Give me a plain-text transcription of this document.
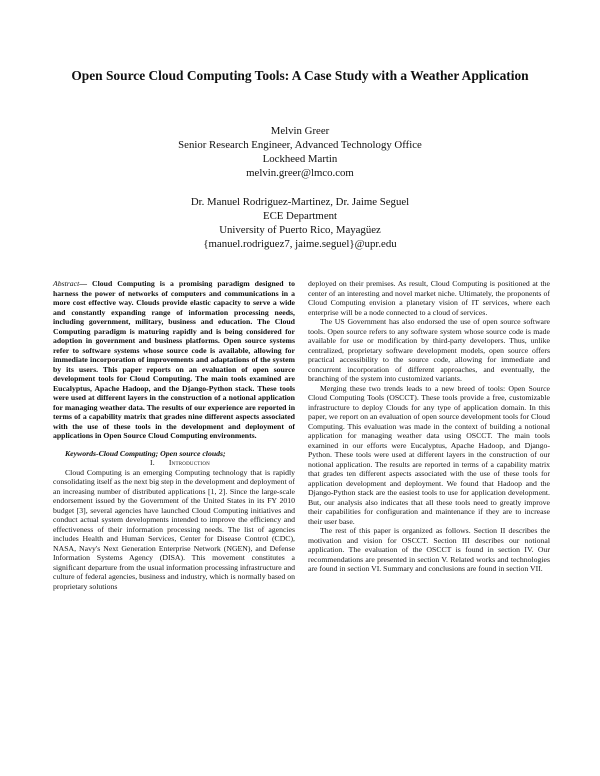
Open Source Cloud Computing Tools: A Case Study with a Weather Application
Melvin Greer
Senior Research Engineer, Advanced Technology Office
Lockheed Martin
melvin.greer@lmco.com
Dr. Manuel Rodriguez-Martinez, Dr. Jaime Seguel
ECE Department
University of Puerto Rico, Mayagüez
{manuel.rodriguez7, jaime.seguel}@upr.edu

Abstract— Cloud Computing is a promising paradigm designed to harness the power of networks of computers and communications in a more cost effective way. Clouds provide elastic capacity to serve a wide and constantly expanding range of information processing needs, including government, military, business and education. The Cloud Computing paradigm is maturing rapidly and is being considered for adoption in government and business platforms. Open source systems refer to software systems whose source code is available, allowing for immediate incorporation of improvements and adaptations of the system by its users. This paper reports on an evaluation of open source development tools for Cloud Computing. The main tools examined are Eucalyptus, Apache Hadoop, and the Django-Python stack. These tools were used at different layers in the construction of a notional application for managing weather data. The results of our experience are reported in terms of a capability matrix that grades nine different aspects associated with the use of these tools in the development and deployment of applications in Open Source Cloud Computing environments.

Keywords-Cloud Computing; Open source clouds;

I. Introduction

Cloud Computing is an emerging Computing technology that is rapidly consolidating itself as the next big step in the development and deployment of an increasing number of distributed applications [1, 2]. Since the large-scale endorsement issued by the Government of the United States in its FY 2010 budget [3], several agencies have launched Cloud Computing initiatives and conduct actual system developments intended to improve the efficiency and effectiveness of their information processing needs. The list of agencies includes Health and Human Services, Center for Disease Control (CDC), NASA, Navy's Next Generation Enterprise Network (NGEN), and Defense Information Systems Agency (DISA). This movement constitutes a significant departure from the usual information processing infrastructure and culture of federal agencies, business and industry, which is normally based on proprietary solutions

deployed on their premises. As result, Cloud Computing is positioned at the center of an interesting and novel market niche. Ultimately, the proponents of Cloud Computing envision a planetary vision of IT services, where each enterprise will be a node connected to a cloud of services.

The US Government has also endorsed the use of open source software tools. Open source refers to any software system whose source code is made available for use or modification by third-party developers. Thus, unlike centralized, proprietary software development models, open source offers practical accessibility to the source code, allowing for immediate and concurrent incorporation of different approaches, and eventually, the branching of the system into customized variants.

Merging these two trends leads to a new breed of tools: Open Source Cloud Computing Tools (OSCCT). These tools provide a free, customizable infrastructure to deploy Clouds for any type of application domain. In this paper, we report on an evaluation of open source development tools for Cloud Computing. This evaluation was made in the context of building a notional application for managing weather data using OSCCT. The main tools examined in our efforts were Eucalyptus, Apache Hadoop, and Django-Python. These tools were used at different layers in the construction of our notional application. The results are reported in terms of a capability matrix that grades ten different aspects associated with the use of these tools for application development and deployment. We found that Hadoop and the Django-Python stack are the easiest tools to use for application development. But, our analysis also indicates that all these tools need to greatly improve their capabilities for configuration and maintenance if they are to increase their user base.

The rest of this paper is organized as follows. Section II describes the motivation and vision for OSCCT. Section III describes our notional application. The evaluation of the OSCCT is found in section IV. Our recommendations are presented in section V. Related works and technologies are found in section VI. Summary and conclusions are found in section VII.
